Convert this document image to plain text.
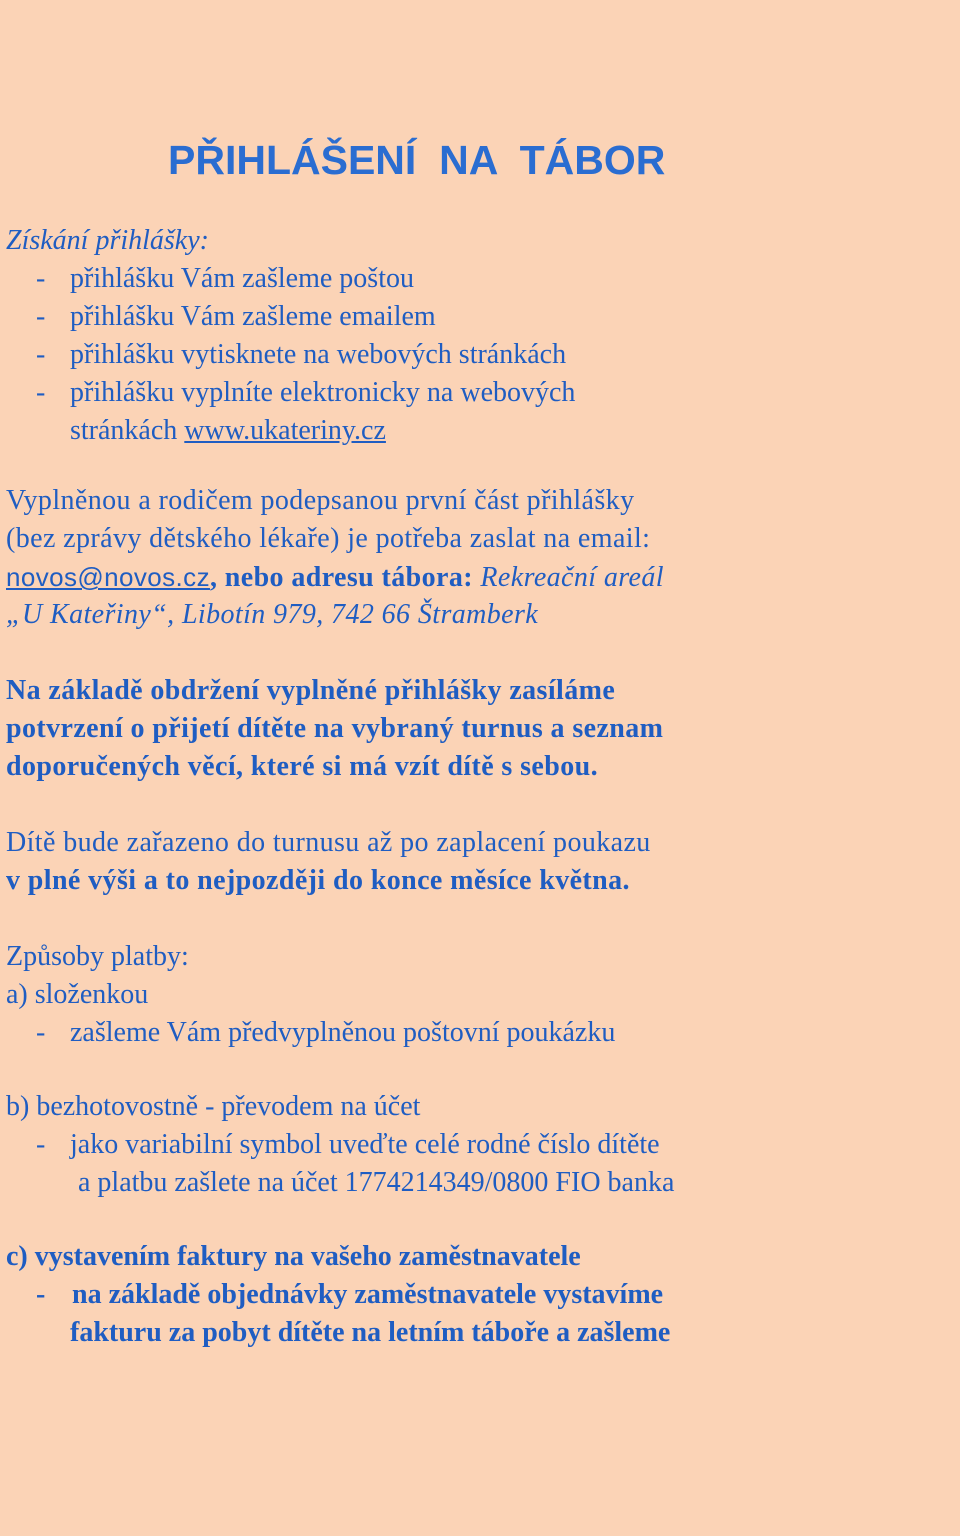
PŘIHLÁŠENÍ  NA  TÁBOR
Získání přihlášky:
- přihlášku Vám zašleme poštou
- přihlášku Vám zašleme emailem
- přihlášku vytisknete na webových stránkách
- přihlášku vyplníte elektronicky na webových
stránkách www.ukateriny.cz
Vyplněnou a rodičem podepsanou první část přihlášky
(bez zprávy dětského lékaře) je potřeba zaslat na email:
novos@novos.cz, nebo adresu tábora: Rekreační areál
„U Kateřiny“, Libotín 979, 742 66 Štramberk
Na základě obdržení vyplněné přihlášky zasíláme
potvrzení o přijetí dítěte na vybraný turnus a seznam
doporučených věcí, které si má vzít dítě s sebou.
Dítě bude zařazeno do turnusu až po zaplacení poukazu
v plné výši a to nejpozději do konce měsíce května.
Způsoby platby:
a) složenkou
- zašleme Vám předvyplněnou poštovní poukázku
b) bezhotovostně - převodem na účet
- jako variabilní symbol uveďte celé rodné číslo dítěte
a platbu zašlete na účet 1774214349/0800 FIO banka
c) vystavením faktury na vašeho zaměstnavatele
- na základě objednávky zaměstnavatele vystavíme
fakturu za pobyt dítěte na letním táboře a zašleme
